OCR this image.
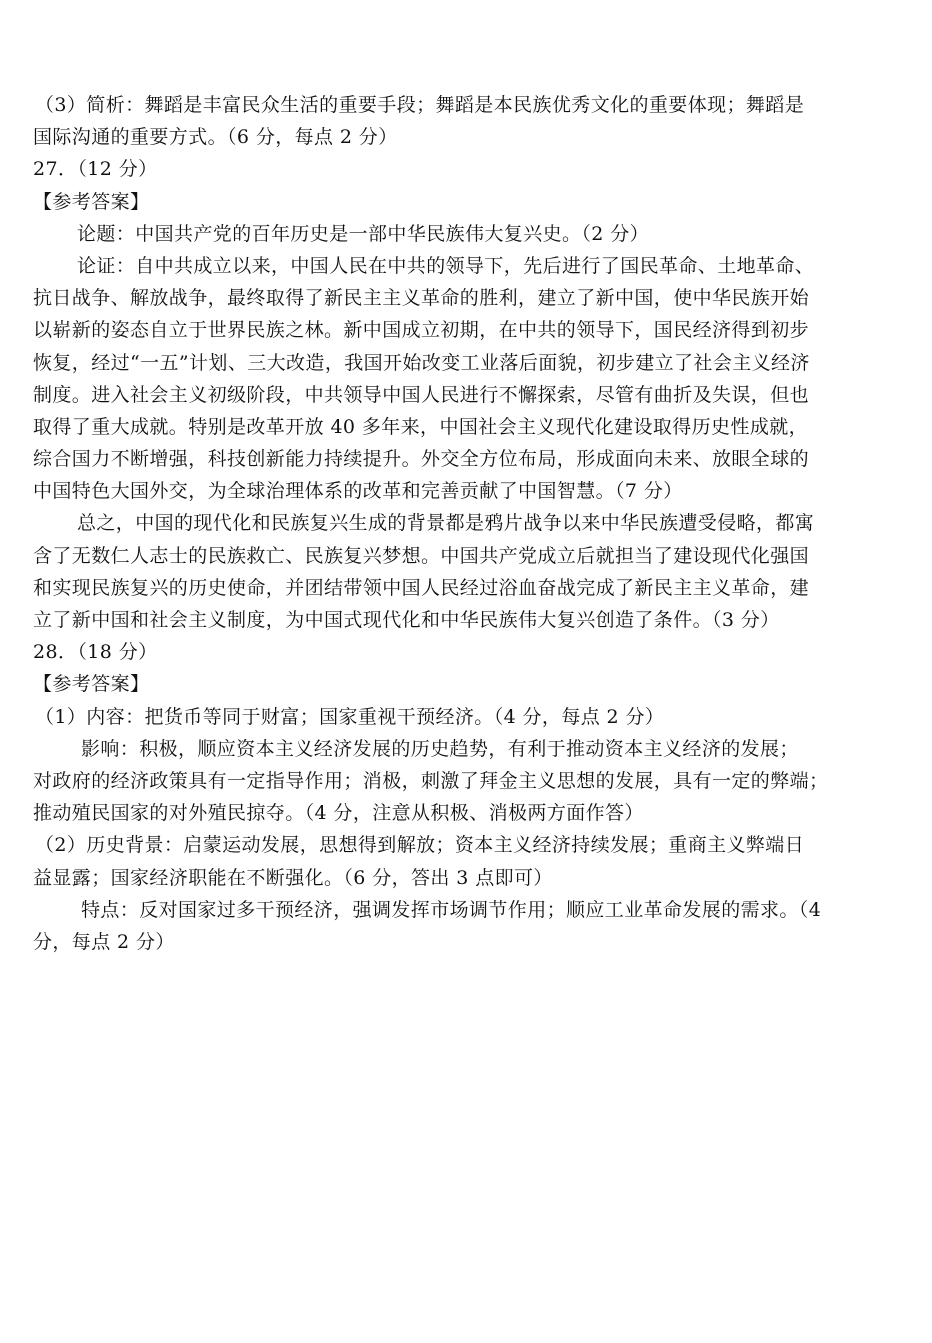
（3）简析：舞蹈是丰富民众生活的重要手段；舞蹈是本民族优秀文化的重要体现；舞蹈是
国际沟通的重要方式。（6 分，每点 2 分）
27．（12 分）
【参考答案】
论题：中国共产党的百年历史是一部中华民族伟大复兴史。（2 分）
论证：自中共成立以来，中国人民在中共的领导下，先后进行了国民革命、土地革命、
抗日战争、解放战争，最终取得了新民主主义革命的胜利，建立了新中国，使中华民族开始
以崭新的姿态自立于世界民族之林。新中国成立初期，在中共的领导下，国民经济得到初步
恢复，经过“一五”计划、三大改造，我国开始改变工业落后面貌，初步建立了社会主义经济
制度。进入社会主义初级阶段，中共领导中国人民进行不懈探索，尽管有曲折及失误，但也
取得了重大成就。特别是改革开放 40 多年来，中国社会主义现代化建设取得历史性成就，
综合国力不断增强，科技创新能力持续提升。外交全方位布局，形成面向未来、放眼全球的
中国特色大国外交，为全球治理体系的改革和完善贡献了中国智慧。（7 分）
总之，中国的现代化和民族复兴生成的背景都是鸦片战争以来中华民族遭受侵略，都寓
含了无数仁人志士的民族救亡、民族复兴梦想。中国共产党成立后就担当了建设现代化强国
和实现民族复兴的历史使命，并团结带领中国人民经过浴血奋战完成了新民主主义革命，建
立了新中国和社会主义制度，为中国式现代化和中华民族伟大复兴创造了条件。（3 分）
28．（18 分）
【参考答案】
（1）内容：把货币等同于财富；国家重视干预经济。（4 分，每点 2 分）
影响：积极，顺应资本主义经济发展的历史趋势，有利于推动资本主义经济的发展；
对政府的经济政策具有一定指导作用；消极，刺激了拜金主义思想的发展，具有一定的弊端；
推动殖民国家的对外殖民掠夺。（4 分，注意从积极、消极两方面作答）
（2）历史背景：启蒙运动发展，思想得到解放；资本主义经济持续发展；重商主义弊端日
益显露；国家经济职能在不断强化。（6 分，答出 3 点即可）
特点：反对国家过多干预经济，强调发挥市场调节作用；顺应工业革命发展的需求。（4
分，每点 2 分）
